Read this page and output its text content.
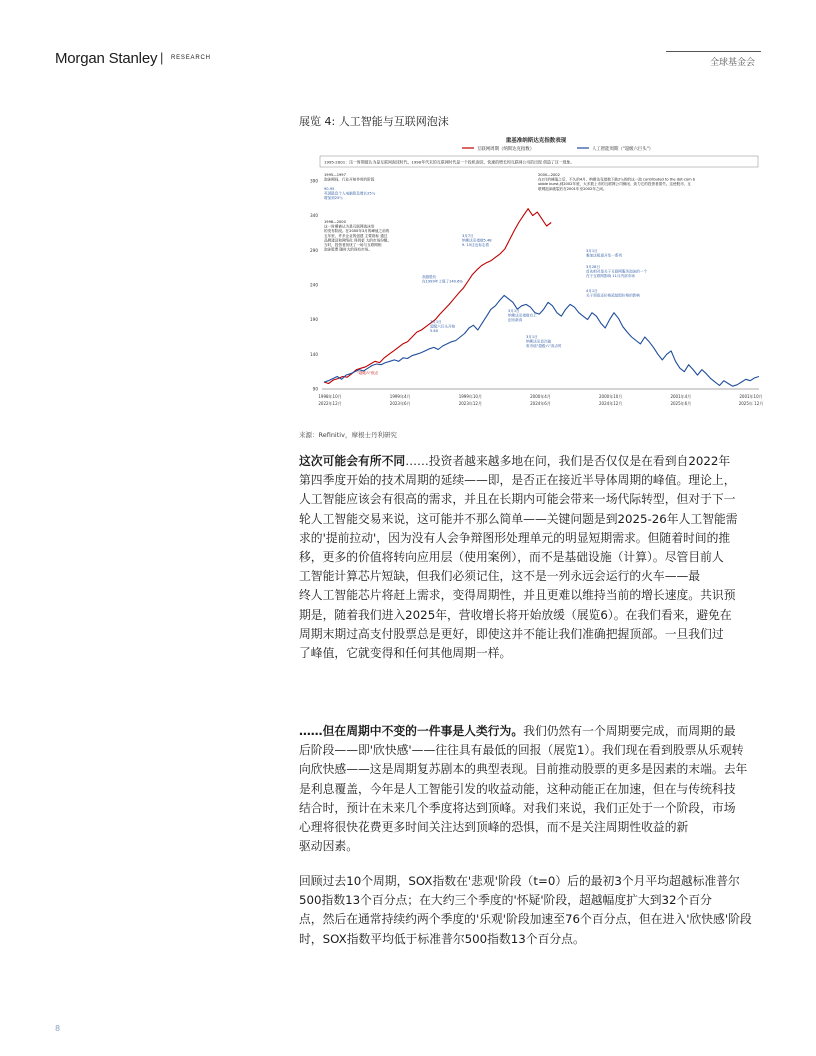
Morgan Stanley | RESEARCH	全球基金会
展览 4: 人工智能与互联网泡沫
重基准纳斯达克指数表现
互联网周期（纳斯达克指数）	人工智能周期（"超级六巨头"）
1995-2001：这一时期被认为是互联网泡沫时代，1990年代末的互联网时代是一个投机泡沫，快速的增长和互联网公司的出现 创造了这一现象。
90
140
190
240
290
340
390
1998年10月
2022年12月
1999年4月
2023年6月
1999年10月
2023年12月
2000年4月
2024年6月
2000年10月
2024年12月
2001年4月
2025年6月
2001年10月
2025年 12月
1995—1997 泡沫期间，行业开始作用的阶段
90-95 英国降息个人电脑股及增长25％增加到25％
1998—2000 这一时期被认为是互联网泡沫形的发布阶段。在2000年3月的峰值之前的五年里，许多企业的创建 主要指标 通过品牌建设和网络化 得到更 大的市场份额。当时，投资者担忧了一场与互联网相泡沫股票 随时大的现有市场。
2000—2002 在2月的峰值之后，不久的4月，纳斯达克指数下跌2％的的这一泡 contributed to the dot-com b ubble burst,到2002年底，大多数上市的互联网公司倒闭，致力它的投资者损失。这使股市，互联网泡沫破裂后在2001年至2002年之间。
3月7日纳斯达克指数5.48 9. 15这也标志着
高级股价在1999年上涨了140.6%
3月1日纳斯达克指数自上创出新高
3月1日超级六巨头开始 5.60
3月1日纳斯达克首次破收市值"超级六"高点时
3月1日雅加达报道开发一系列
3月28日首先相对是关于互联网服务泡沫的一个在于互联网影响 11月内部市场
4月1日关于到底还价格延续股价格的影响
"超级六"低点
来源：Refinitiv，摩根士丹利研究
这次可能会有所不同……投资者越来越多地在问，我们是否仅仅是在看到自2022年
第四季度开始的技术周期的延续——即，是否正在接近半导体周期的峰值。理论上，
人工智能应该会有很高的需求，并且在长期内可能会带来一场代际转型，但对于下一
轮人工智能交易来说，这可能并不那么简单——关键问题是到2025-26年人工智能需
求的'提前拉动'，因为没有人会争辩图形处理单元的明显短期需求。但随着时间的推
移，更多的价值将转向应用层（使用案例），而不是基础设施（计算）。尽管目前人
工智能计算芯片短缺，但我们必须记住，这不是一列永远会运行的火车——最
终人工智能芯片将赶上需求，变得周期性，并且更难以维持当前的增长速度。共识预
期是，随着我们进入2025年，营收增长将开始放缓（展览6）。在我们看来，避免在
周期末期过高支付股票总是更好，即使这并不能让我们准确把握顶部。一旦我们过
了峰值，它就变得和任何其他周期一样。
……但在周期中不变的一件事是人类行为。我们仍然有一个周期要完成，而周期的最
后阶段——即'欣快感'——往往具有最低的回报（展览1）。我们现在看到股票从乐观转
向欣快感——这是周期复苏剧本的典型表现。目前推动股票的更多是因素的末端。去年
是利息覆盖，今年是人工智能引发的收益动能，这种动能正在加速，但在与传统科技
结合时，预计在未来几个季度将达到顶峰。对我们来说，我们正处于一个阶段，市场
心理将很快花费更多时间关注达到顶峰的恐惧，而不是关注周期性收益的新
驱动因素。
回顾过去10个周期，SOX指数在'悲观'阶段（t=0）后的最初3个月平均超越标准普尔
500指数13个百分点；在大约三个季度的'怀疑'阶段，超越幅度扩大到32个百分
点，然后在通常持续约两个季度的'乐观'阶段加速至76个百分点，但在进入'欣快感'阶段
时，SOX指数平均低于标准普尔500指数13个百分点。
8
